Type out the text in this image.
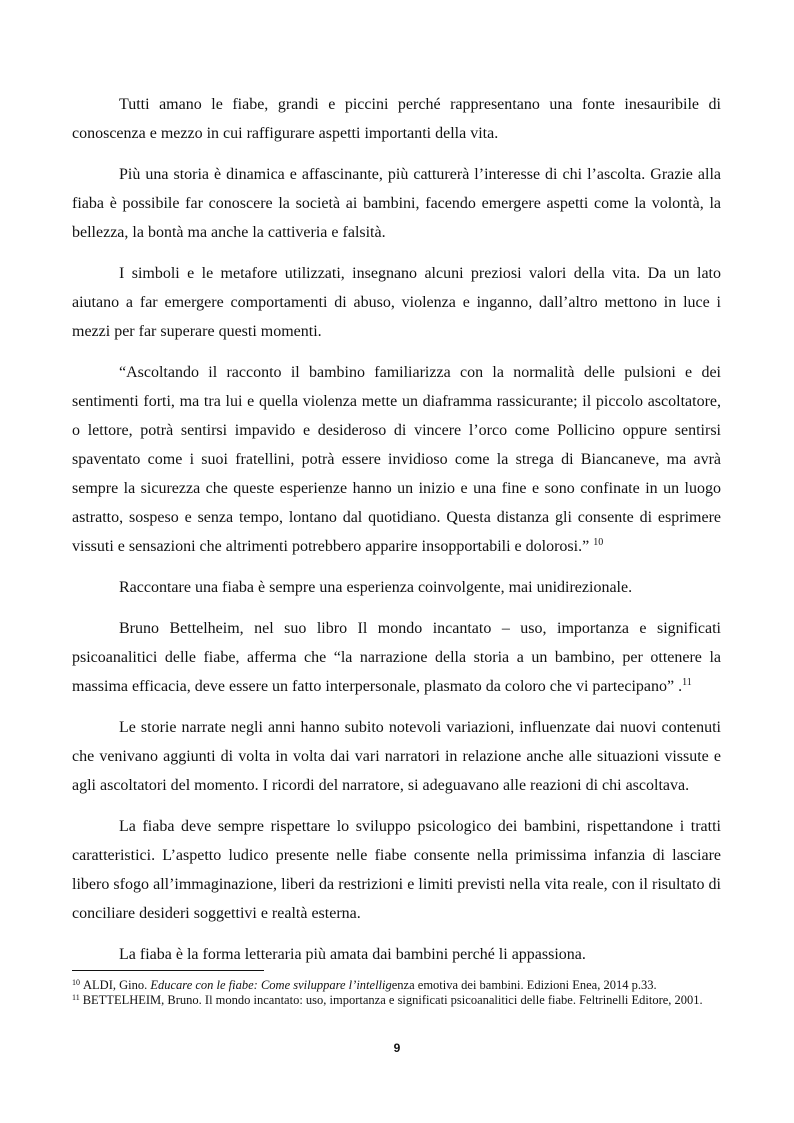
Tutti amano le fiabe, grandi e piccini perché rappresentano una fonte inesauribile di conoscenza e mezzo in cui raffigurare aspetti importanti della vita.

Più una storia è dinamica e affascinante, più catturerà l’interesse di chi l’ascolta. Grazie alla fiaba è possibile far conoscere la società ai bambini, facendo emergere aspetti come la volontà, la bellezza, la bontà ma anche la cattiveria e falsità.

I simboli e le metafore utilizzati, insegnano alcuni preziosi valori della vita. Da un lato aiutano a far emergere comportamenti di abuso, violenza e inganno, dall’altro mettono in luce i mezzi per far superare questi momenti.

“Ascoltando il racconto il bambino familiarizza con la normalità delle pulsioni e dei sentimenti forti, ma tra lui e quella violenza mette un diaframma rassicurante; il piccolo ascoltatore, o lettore, potrà sentirsi impavido e desideroso di vincere l’orco come Pollicino oppure sentirsi spaventato come i suoi fratellini, potrà essere invidioso come la strega di Biancaneve, ma avrà sempre la sicurezza che queste esperienze hanno un inizio e una fine e sono confinate in un luogo astratto, sospeso e senza tempo, lontano dal quotidiano. Questa distanza gli consente di esprimere vissuti e sensazioni che altrimenti potrebbero apparire insopportabili e dolorosi.” $^{10}$

Raccontare una fiaba è sempre una esperienza coinvolgente, mai unidirezionale.

Bruno Bettelheim, nel suo libro Il mondo incantato – uso, importanza e significati psicoanalitici delle fiabe, afferma che “la narrazione della storia a un bambino, per ottenere la massima efficacia, deve essere un fatto interpersonale, plasmato da coloro che vi partecipano” .$^{11}$

Le storie narrate negli anni hanno subito notevoli variazioni, influenzate dai nuovi contenuti che venivano aggiunti di volta in volta dai vari narratori in relazione anche alle situazioni vissute e agli ascoltatori del momento. I ricordi del narratore, si adeguavano alle reazioni di chi ascoltava.

La fiaba deve sempre rispettare lo sviluppo psicologico dei bambini, rispettandone i tratti caratteristici. L’aspetto ludico presente nelle fiabe consente nella primissima infanzia di lasciare libero sfogo all’immaginazione, liberi da restrizioni e limiti previsti nella vita reale, con il risultato di conciliare desideri soggettivi e realtà esterna.

La fiaba è la forma letteraria più amata dai bambini perché li appassiona.

$^{10}$ ALDI, Gino. Educare con le fiabe: Come sviluppare l’intelligenza emotiva dei bambini. Edizioni Enea, 2014 p.33.

$^{11}$ BETTELHEIM, Bruno. Il mondo incantato: uso, importanza e significati psicoanalitici delle fiabe. Feltrinelli Editore, 2001.

9
